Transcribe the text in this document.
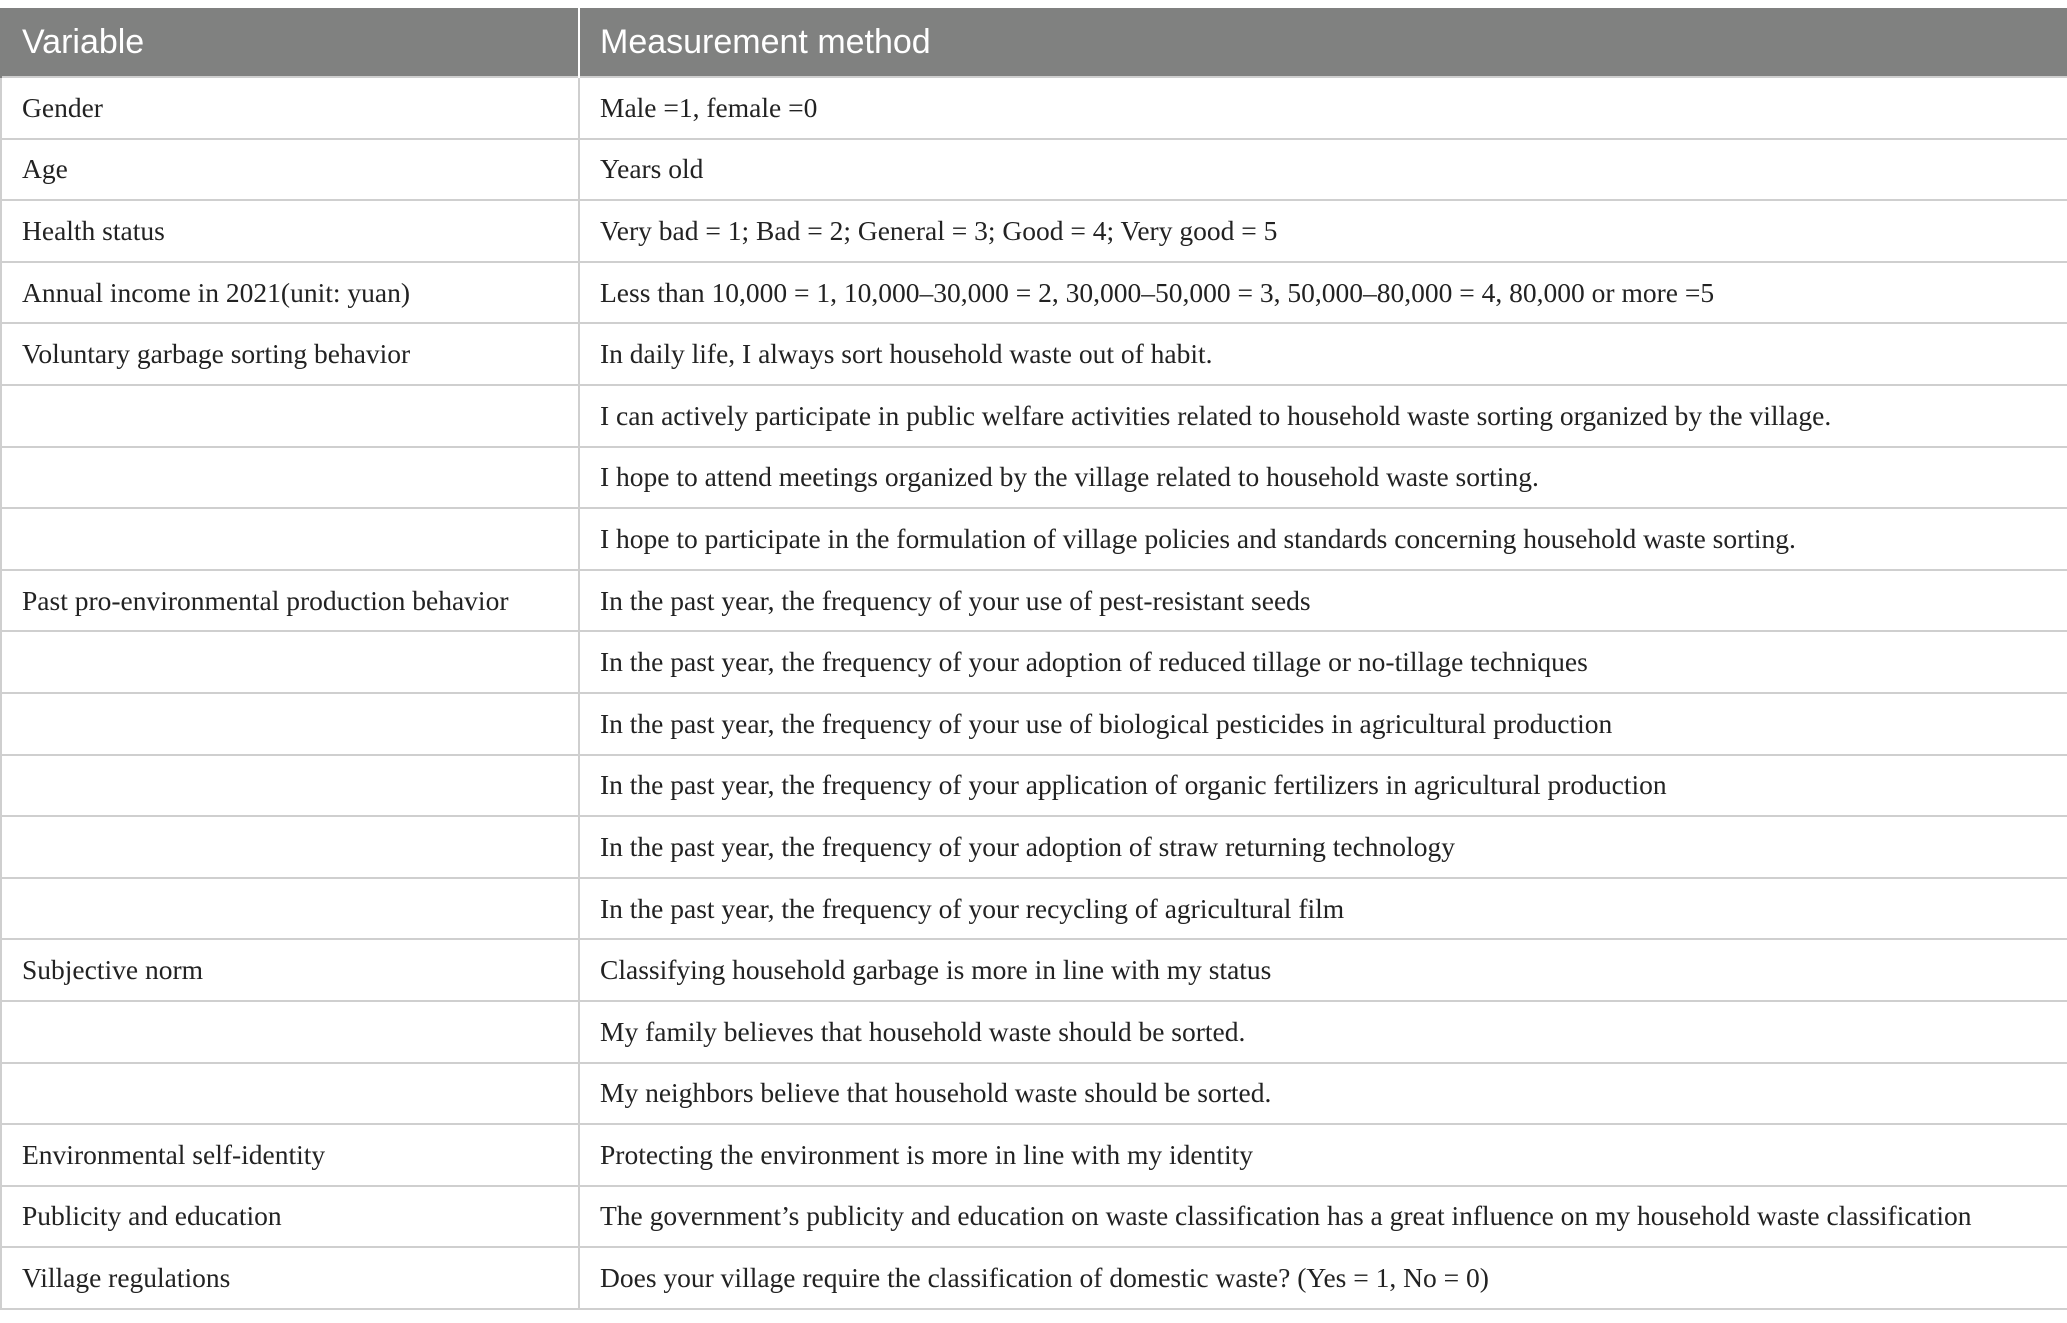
Variable	Measurement method
Gender	Male =1, female =0
Age	Years old
Health status	Very bad = 1; Bad = 2; General = 3; Good = 4; Very good = 5
Annual income in 2021(unit: yuan)	Less than 10,000 = 1, 10,000–30,000 = 2, 30,000–50,000 = 3, 50,000–80,000 = 4, 80,000 or more =5
Voluntary garbage sorting behavior	In daily life, I always sort household waste out of habit.
	I can actively participate in public welfare activities related to household waste sorting organized by the village.
	I hope to attend meetings organized by the village related to household waste sorting.
	I hope to participate in the formulation of village policies and standards concerning household waste sorting.
Past pro-environmental production behavior	In the past year, the frequency of your use of pest-resistant seeds
	In the past year, the frequency of your adoption of reduced tillage or no-tillage techniques
	In the past year, the frequency of your use of biological pesticides in agricultural production
	In the past year, the frequency of your application of organic fertilizers in agricultural production
	In the past year, the frequency of your adoption of straw returning technology
	In the past year, the frequency of your recycling of agricultural film
Subjective norm	Classifying household garbage is more in line with my status
	My family believes that household waste should be sorted.
	My neighbors believe that household waste should be sorted.
Environmental self-identity	Protecting the environment is more in line with my identity
Publicity and education	The government’s publicity and education on waste classification has a great influence on my household waste classification
Village regulations	Does your village require the classification of domestic waste? (Yes = 1, No = 0)
